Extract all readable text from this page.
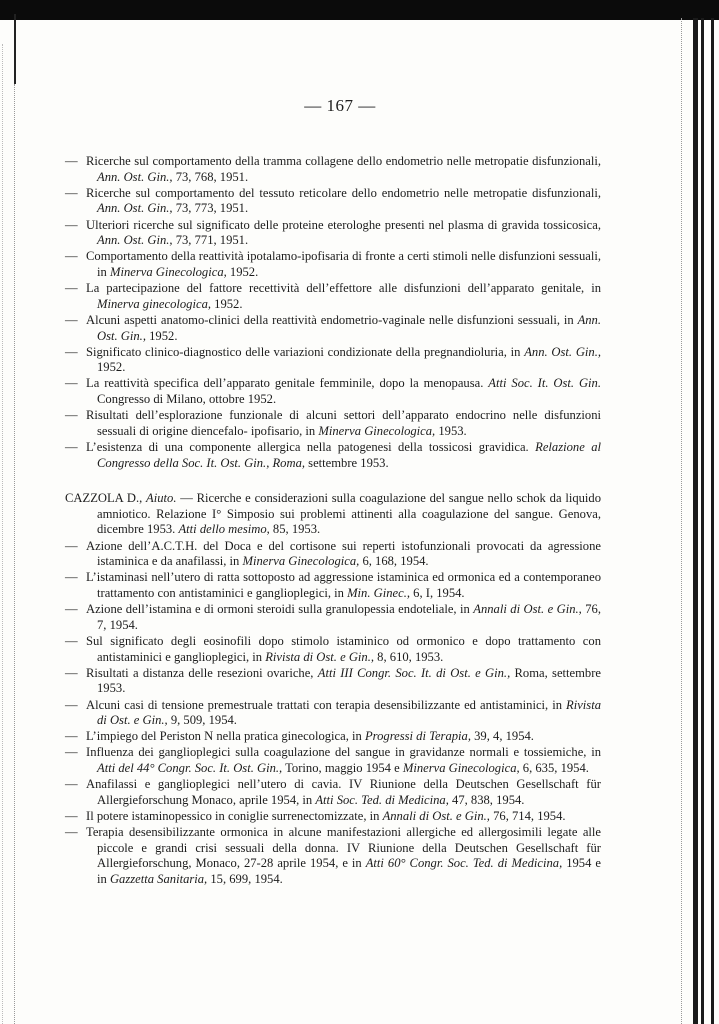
— 167 —

— Ricerche sul comportamento della tramma collagene dello endometrio nelle metropatie disfunzionali, Ann. Ost. Gin., 73, 768, 1951.

— Ricerche sul comportamento del tessuto reticolare dello endometrio nelle metropatie disfunzionali, Ann. Ost. Gin., 73, 773, 1951.

— Ulteriori ricerche sul significato delle proteine eterologhe presenti nel plasma di gravida tossicosica, Ann. Ost. Gin., 73, 771, 1951.

— Comportamento della reattività ipotalamo-ipofisaria di fronte a certi stimoli nelle disfunzioni sessuali, in Minerva Ginecologica, 1952.

— La partecipazione del fattore recettività dell’effettore alle disfunzioni dell’apparato genitale, in Minerva ginecologica, 1952.

— Alcuni aspetti anatomo-clinici della reattività endometrio-vaginale nelle disfunzioni sessuali, in Ann. Ost. Gin., 1952.

— Significato clinico-diagnostico delle variazioni condizionate della pregnandioluria, in Ann. Ost. Gin., 1952.

— La reattività specifica dell’apparato genitale femminile, dopo la menopausa. Atti Soc. It. Ost. Gin. Congresso di Milano, ottobre 1952.

— Risultati dell’esplorazione funzionale di alcuni settori dell’apparato endocrino nelle disfunzioni sessuali di origine diencefalo- ipofisario, in Minerva Ginecologica, 1953.

— L’esistenza di una componente allergica nella patogenesi della tossicosi gravidica. Relazione al Congresso della Soc. It. Ost. Gin., Roma, settembre 1953.

CAZZOLA D., Aiuto. — Ricerche e considerazioni sulla coagulazione del sangue nello schok da liquido amniotico. Relazione I° Simposio sui problemi attinenti alla coagulazione del sangue. Genova, dicembre 1953. Atti dello mesimo, 85, 1953.

— Azione dell’A.C.T.H. del Doca e del cortisone sui reperti istofunzionali provocati da agressione istaminica e da anafilassi, in Minerva Ginecologica, 6, 168, 1954.

— L’istaminasi nell’utero di ratta sottoposto ad aggressione istaminica ed ormonica ed a contemporaneo trattamento con antistaminici e ganglioplegici, in Min. Ginec., 6, I, 1954.

— Azione dell’istamina e di ormoni steroidi sulla granulopessia endoteliale, in Annali di Ost. e Gin., 76, 7, 1954.

— Sul significato degli eosinofili dopo stimolo istaminico od ormonico e dopo trattamento con antistaminici e ganglioplegici, in Rivista di Ost. e Gin., 8, 610, 1953.

— Risultati a distanza delle resezioni ovariche, Atti III Congr. Soc. It. di Ost. e Gin., Roma, settembre 1953.

— Alcuni casi di tensione premestruale trattati con terapia desensibilizzante ed antistaminici, in Rivista di Ost. e Gin., 9, 509, 1954.

— L’impiego del Periston N nella pratica ginecologica, in Progressi di Terapia, 39, 4, 1954.

— Influenza dei ganglioplegici sulla coagulazione del sangue in gravidanze normali e tossiemiche, in Atti del 44° Congr. Soc. It. Ost. Gin., Torino, maggio 1954 e Minerva Ginecologica, 6, 635, 1954.

— Anafilassi e ganglioplegici nell’utero di cavia. IV Riunione della Deutschen Gesellschaft für Allergieforschung Monaco, aprile 1954, in Atti Soc. Ted. di Medicina, 47, 838, 1954.

— Il potere istaminopessico in coniglie surrenectomizzate, in Annali di Ost. e Gin., 76, 714, 1954.

— Terapia desensibilizzante ormonica in alcune manifestazioni allergiche ed allergosimili legate alle piccole e grandi crisi sessuali della donna. IV Riunione della Deutschen Gesellschaft für Allergieforschung, Monaco, 27-28 aprile 1954, e in Atti 60° Congr. Soc. Ted. di Medicina, 1954 e in Gazzetta Sanitaria, 15, 699, 1954.
